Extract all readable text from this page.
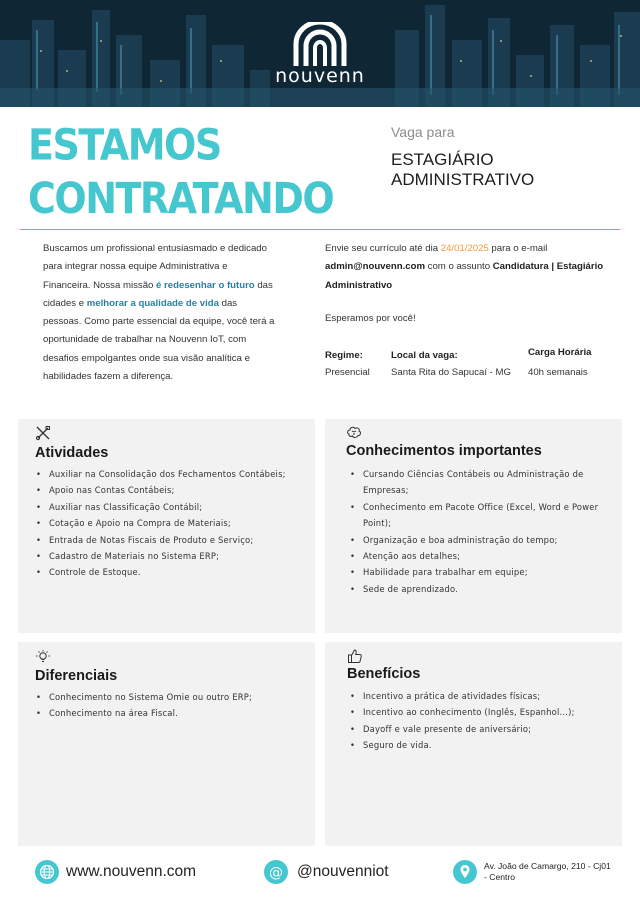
nouvenn
ESTAMOS
CONTRATANDO
Vaga para
ESTAGIÁRIO
ADMINISTRATIVO

Buscamos um profissional entusiasmado e dedicado para integrar nossa equipe Administrativa e Financeira. Nossa missão é redesenhar o futuro das cidades e melhorar a qualidade de vida das pessoas. Como parte essencial da equipe, você terá a oportunidade de trabalhar na Nouvenn IoT, com desafios empolgantes onde sua visão analítica e habilidades fazem a diferença.

Envie seu currículo até dia 24/01/2025 para o e-mail admin@nouvenn.com com o assunto Candidatura | Estagiário Administrativo

Esperamos por você!
Regime:
Presencial
Local da vaga:
Santa Rita do Sapucaí - MG
Carga Horária
40h semanais
Atividades
• Auxiliar na Consolidação dos Fechamentos Contábeis;
• Apoio nas Contas Contábeis;
• Auxiliar nas Classificação Contábil;
• Cotação e Apoio na Compra de Materiais;
• Entrada de Notas Fiscais de Produto e Serviço;
• Cadastro de Materiais no Sistema ERP;
• Controle de Estoque.
Conhecimentos importantes
• Cursando Ciências Contábeis ou Administração de Empresas;
• Conhecimento em Pacote Office (Excel, Word e Power Point);
• Organização e boa administração do tempo;
• Atenção aos detalhes;
• Habilidade para trabalhar em equipe;
• Sede de aprendizado.
Diferenciais
• Conhecimento no Sistema Omie ou outro ERP;
• Conhecimento na área Fiscal.
Benefícios
• Incentivo a prática de atividades físicas;
• Incentivo ao conhecimento (Inglês, Espanhol...);
• Dayoff e vale presente de aniversário;
• Seguro de vida.
www.nouvenn.com	@ @nouvenniot	Av. João de Camargo, 210 - Cj01 - Centro
